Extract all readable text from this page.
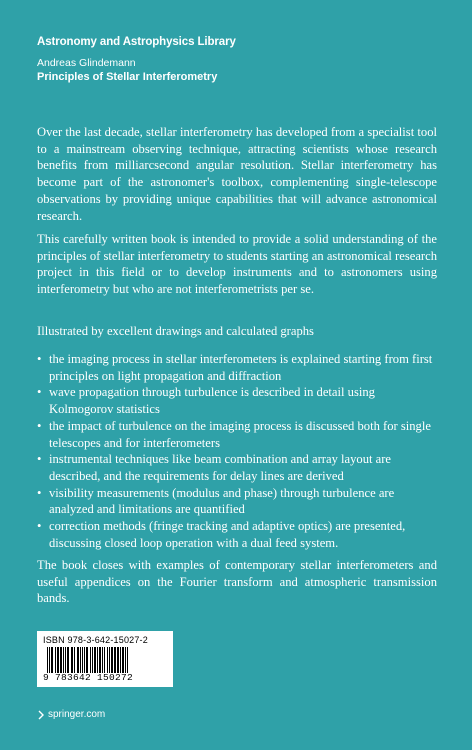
Astronomy and Astrophysics Library
Andreas Glindemann
Principles of Stellar Interferometry

Over the last decade, stellar interferometry has developed from a specialist tool to a mainstream observing technique, attracting scientists whose research benefits from milliarcsecond angular resolution. Stellar interferometry has become part of the astronomer's toolbox, complementing single-telescope observations by providing unique capabilities that will advance astronomical research.

This carefully written book is intended to provide a solid understanding of the principles of stellar interferometry to students starting an astronomical research project in this field or to develop instruments and to astronomers using interferometry but who are not interferometrists per se.

Illustrated by excellent drawings and calculated graphs

• the imaging process in stellar interferometers is explained starting from first principles on light propagation and diffraction
• wave propagation through turbulence is described in detail using Kolmogorov statistics
• the impact of turbulence on the imaging process is discussed both for single telescopes and for interferometers
• instrumental techniques like beam combination and array layout are described, and the requirements for delay lines are derived
• visibility measurements (modulus and phase) through turbulence are analyzed and limitations are quantified
• correction methods (fringe tracking and adaptive optics) are presented, discussing closed loop operation with a dual feed system.

The book closes with examples of contemporary stellar interferometers and useful appendices on the Fourier transform and atmospheric transmission bands.

ISBN 978-3-642-15027-2
9 783642 150272
springer.com
